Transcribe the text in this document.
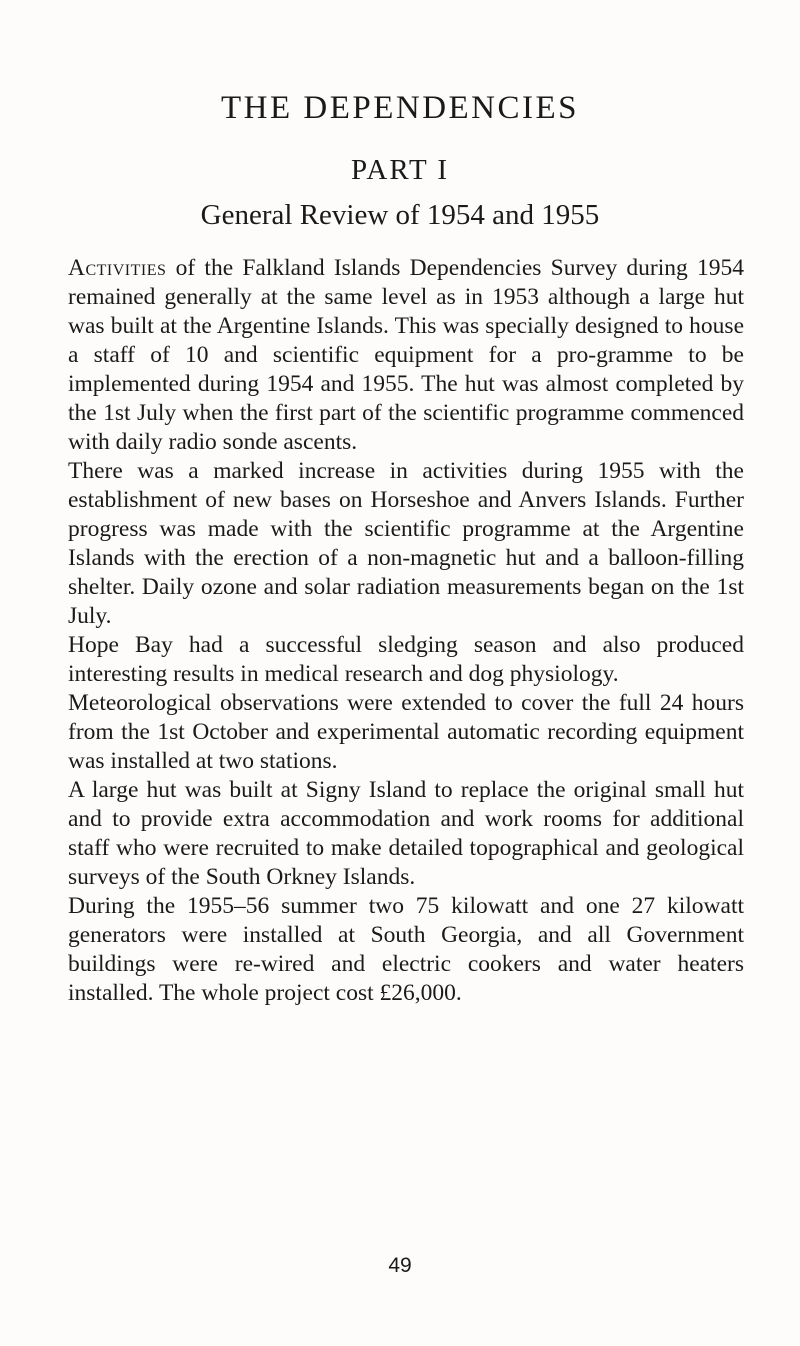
THE DEPENDENCIES
PART I
General Review of 1954 and 1955

Activities of the Falkland Islands Dependencies Survey during 1954 remained generally at the same level as in 1953 although a large hut was built at the Argentine Islands. This was specially designed to house a staff of 10 and scientific equipment for a pro-gramme to be implemented during 1954 and 1955. The hut was almost completed by the 1st July when the first part of the scientific programme commenced with daily radio sonde ascents.

There was a marked increase in activities during 1955 with the establishment of new bases on Horseshoe and Anvers Islands. Further progress was made with the scientific programme at the Argentine Islands with the erection of a non-magnetic hut and a balloon-filling shelter. Daily ozone and solar radiation measurements began on the 1st July.

Hope Bay had a successful sledging season and also produced interesting results in medical research and dog physiology.

Meteorological observations were extended to cover the full 24 hours from the 1st October and experimental automatic recording equipment was installed at two stations.

A large hut was built at Signy Island to replace the original small hut and to provide extra accommodation and work rooms for additional staff who were recruited to make detailed topographical and geological surveys of the South Orkney Islands.

During the 1955–56 summer two 75 kilowatt and one 27 kilowatt generators were installed at South Georgia, and all Government buildings were re-wired and electric cookers and water heaters installed. The whole project cost £26,000.

49
